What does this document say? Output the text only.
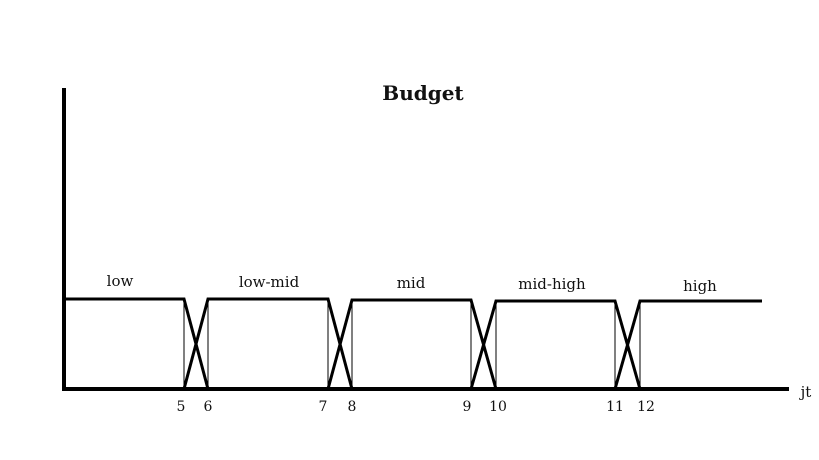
Budget
jt
low	low-mid	mid	mid-high	high
5 6	7 8	9 10	11 12
